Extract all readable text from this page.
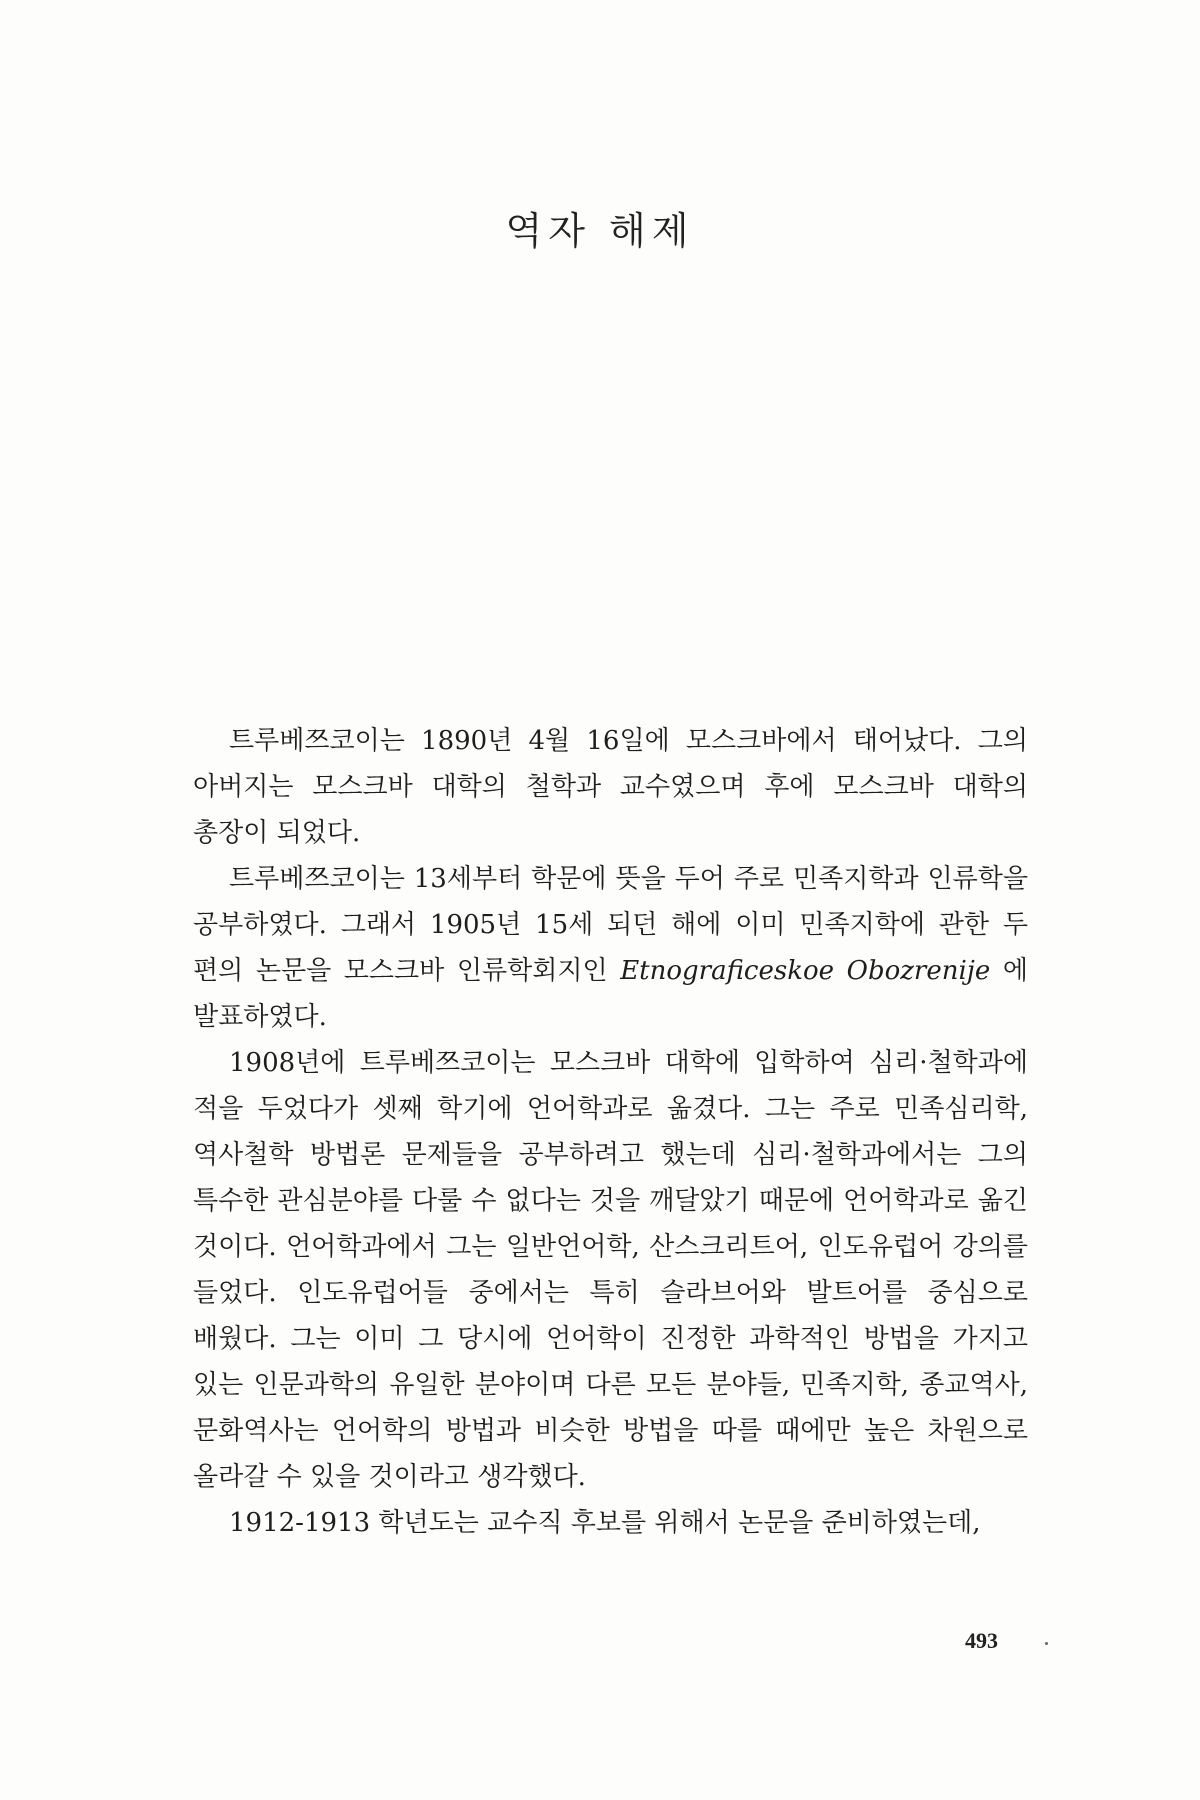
역자 해제

트루베쯔코이는 1890년 4월 16일에 모스크바에서 태어났다. 그의 아버지는 모스크바 대학의 철학과 교수였으며 후에 모스크바 대학의 총장이 되었다.

트루베쯔코이는 13세부터 학문에 뜻을 두어 주로 민족지학과 인류학을 공부하였다. 그래서 1905년 15세 되던 해에 이미 민족지학에 관한 두 편의 논문을 모스크바 인류학회지인 Etnograficeskoe Obozrenije 에 발표하였다.

1908년에 트루베쯔코이는 모스크바 대학에 입학하여 심리·철학과에 적을 두었다가 셋째 학기에 언어학과로 옮겼다. 그는 주로 민족심리학, 역사철학 방법론 문제들을 공부하려고 했는데 심리·철학과에서는 그의 특수한 관심분야를 다룰 수 없다는 것을 깨달았기 때문에 언어학과로 옮긴 것이다. 언어학과에서 그는 일반언어학, 산스크리트어, 인도유럽어 강의를 들었다. 인도유럽어들 중에서는 특히 슬라브어와 발트어를 중심으로 배웠다. 그는 이미 그 당시에 언어학이 진정한 과학적인 방법을 가지고 있는 인문과학의 유일한 분야이며 다른 모든 분야들, 민족지학, 종교역사, 문화역사는 언어학의 방법과 비슷한 방법을 따를 때에만 높은 차원으로 올라갈 수 있을 것이라고 생각했다.

1912-1913 학년도는 교수직 후보를 위해서 논문을 준비하였는데,

493
